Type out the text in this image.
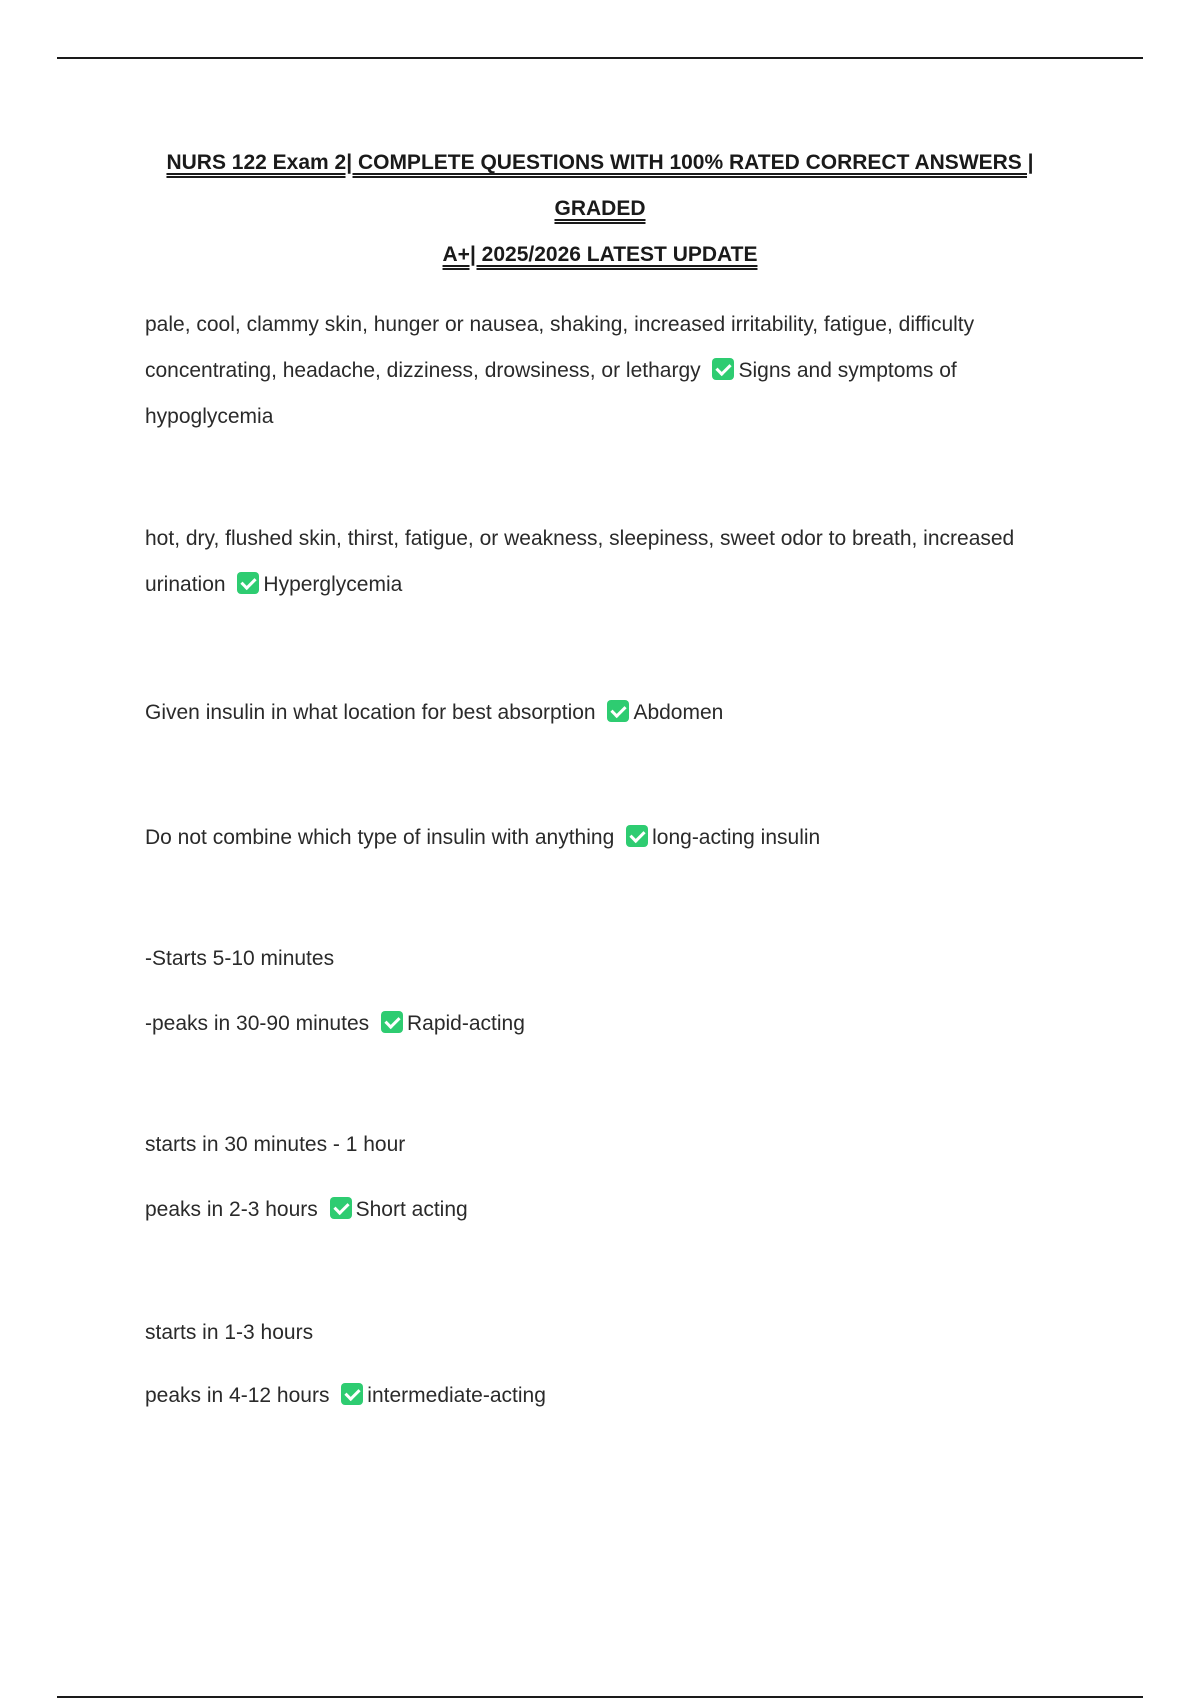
NURS 122 Exam 2| COMPLETE QUESTIONS WITH 100% RATED CORRECT ANSWERS | GRADED
A+| 2025/2026 LATEST UPDATE
pale, cool, clammy skin, hunger or nausea, shaking, increased irritability, fatigue, difficulty concentrating, headache, dizziness, drowsiness, or lethargy Signs and symptoms of hypoglycemia
hot, dry, flushed skin, thirst, fatigue, or weakness, sleepiness, sweet odor to breath, increased urination Hyperglycemia
Given insulin in what location for best absorption Abdomen
Do not combine which type of insulin with anything long-acting insulin
-Starts 5-10 minutes
-peaks in 30-90 minutes Rapid-acting
starts in 30 minutes - 1 hour
peaks in 2-3 hours Short acting
starts in 1-3 hours
peaks in 4-12 hours intermediate-acting
